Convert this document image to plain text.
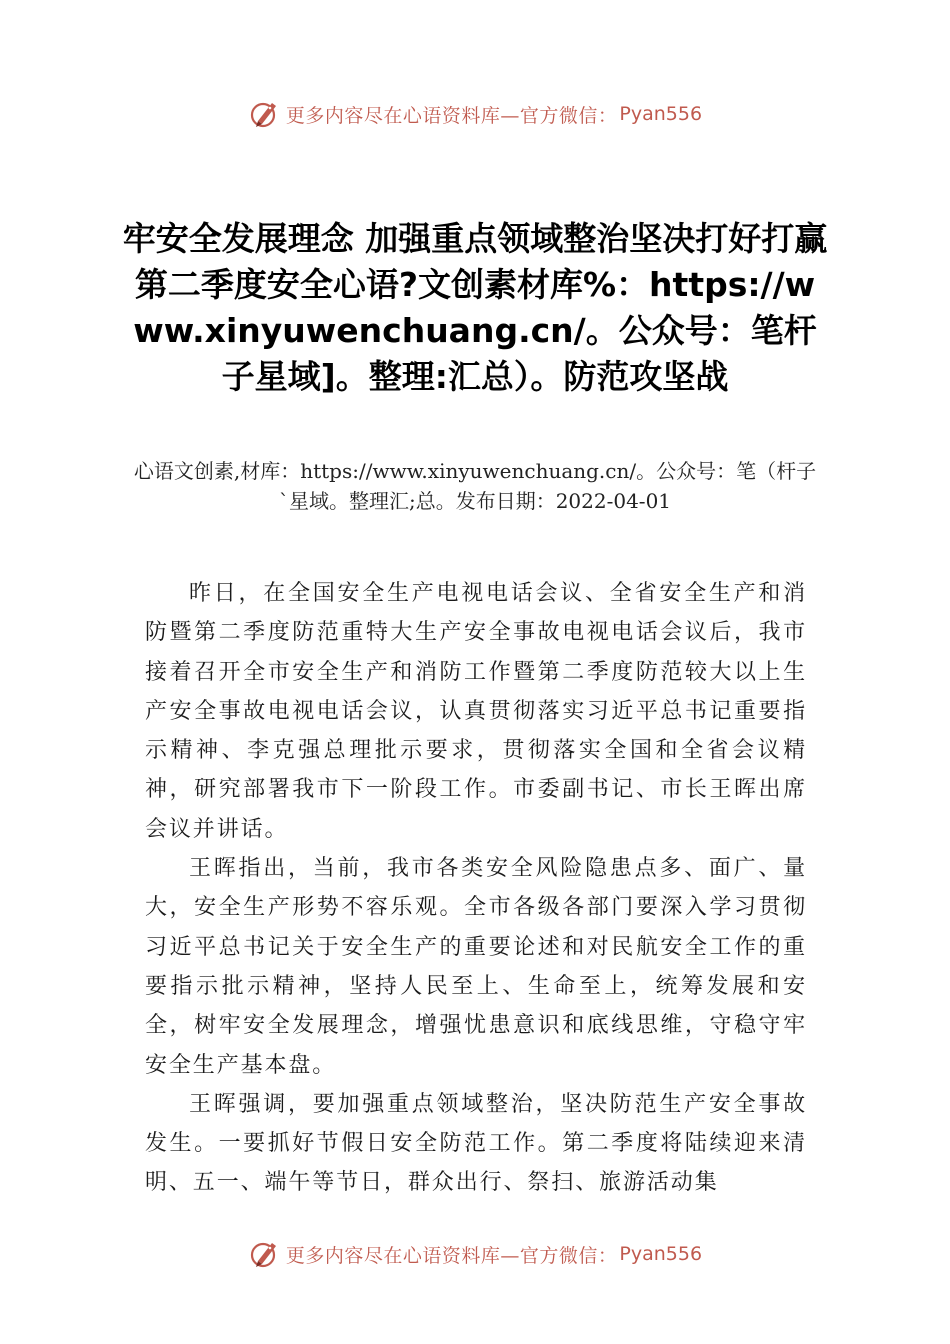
更多内容尽在心语资料库—官方微信： Pyan556
牢安全发展理念 加强重点领域整治坚决打好打赢第二季度安全心语?文创素材库%：https://www.xinyuwenchuang.cn/。公众号：笔杆子星域]。整理:汇总）。防范攻坚战
心语文创素,材库：https://www.xinyuwenchuang.cn/。公众号：笔（杆子`星域。整理汇;总。发布日期：2022-04-01

昨日，在全国安全生产电视电话会议、全省安全生产和消防暨第二季度防范重特大生产安全事故电视电话会议后，我市接着召开全市安全生产和消防工作暨第二季度防范较大以上生产安全事故电视电话会议，认真贯彻落实习近平总书记重要指示精神、李克强总理批示要求，贯彻落实全国和全省会议精神，研究部署我市下一阶段工作。市委副书记、市长王晖出席会议并讲话。

王晖指出，当前，我市各类安全风险隐患点多、面广、量大，安全生产形势不容乐观。全市各级各部门要深入学习贯彻习近平总书记关于安全生产的重要论述和对民航安全工作的重要指示批示精神，坚持人民至上、生命至上，统筹发展和安全，树牢安全发展理念，增强忧患意识和底线思维，守稳守牢安全生产基本盘。

王晖强调，要加强重点领域整治，坚决防范生产安全事故发生。一要抓好节假日安全防范工作。第二季度将陆续迎来清明、五一、端午等节日，群众出行、祭扫、旅游活动集

更多内容尽在心语资料库—官方微信： Pyan556
